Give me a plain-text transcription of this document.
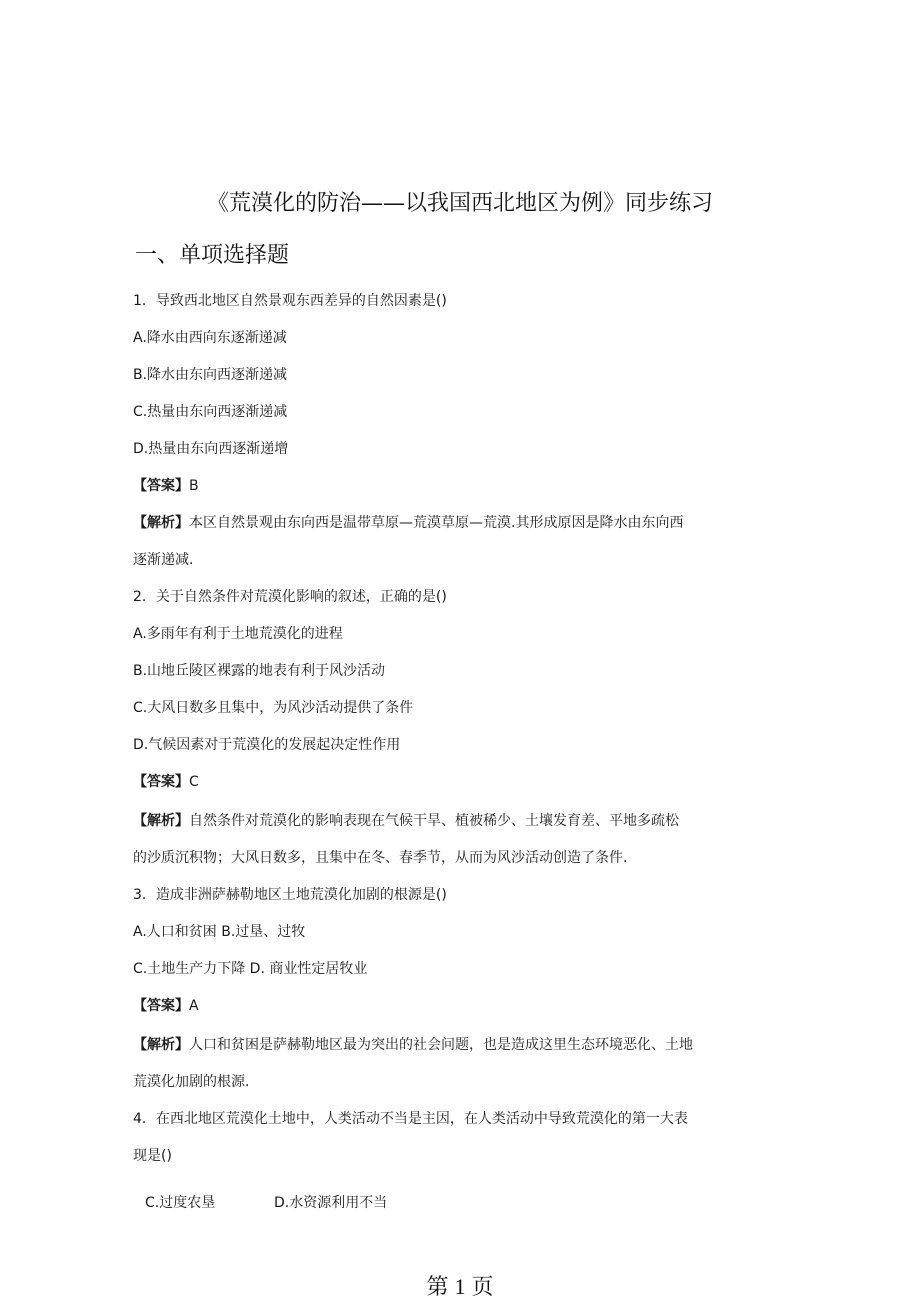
《荒漠化的防治——以我国西北地区为例》同步练习
一、单项选择题
1．导致西北地区自然景观东西差异的自然因素是()
A.降水由西向东逐渐递减
B.降水由东向西逐渐递减
C.热量由东向西逐渐递减
D.热量由东向西逐渐递增
【答案】B
【解析】本区自然景观由东向西是温带草原—荒漠草原—荒漠.其形成原因是降水由东向西
逐渐递减.
2．关于自然条件对荒漠化影响的叙述，正确的是()
A.多雨年有利于土地荒漠化的进程
B.山地丘陵区裸露的地表有利于风沙活动
C.大风日数多且集中，为风沙活动提供了条件
D.气候因素对于荒漠化的发展起决定性作用
【答案】C
【解析】自然条件对荒漠化的影响表现在气候干旱、植被稀少、土壤发育差、平地多疏松
的沙质沉积物；大风日数多，且集中在冬、春季节，从而为风沙活动创造了条件.
3．造成非洲萨赫勒地区土地荒漠化加剧的根源是()
A.人口和贫困 B.过垦、过牧
C.土地生产力下降 D. 商业性定居牧业
【答案】A
【解析】人口和贫困是萨赫勒地区最为突出的社会问题，也是造成这里生态环境恶化、土地
荒漠化加剧的根源.
4．在西北地区荒漠化土地中，人类活动不当是主因，在人类活动中导致荒漠化的第一大表
现是()
C.过度农垦	D.水资源利用不当
第 1 页
